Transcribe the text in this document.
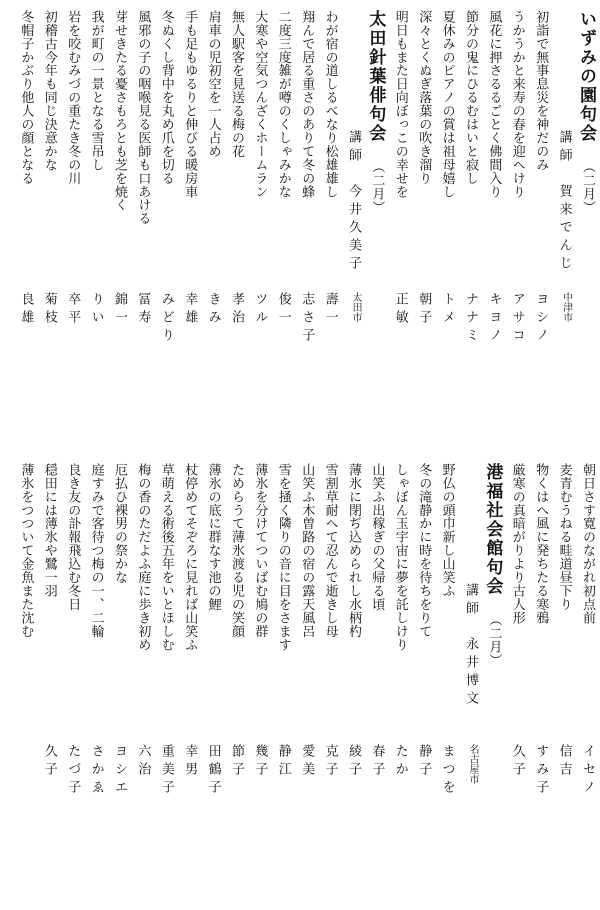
いずみの園句会
（二月）
講師　賀来でんじ
中津市
初詣で無事息災を神だのみ
ヨシノ
うかうかと来寿の春を迎へけり
アサコ
風花に押さるるごとく佛間入り
キヨノ
節分の鬼にひるむはいと寂し
ナナミ
夏休みのピアノの賞は祖母嬉し
トメ
深々とくぬぎ落葉の吹き溜り
朝子
明日もまた日向ぼっこの幸せを
正敏
太田針葉俳句会
（二月）
講師　今井久美子
太田市
わが宿の道しるべなり松雄雄し
壽一
翔んで居る重さのありて冬の蜂
志さ子
二度三度雑が噂のくしゃみかな
俊一
大寒や空気つんざくホームラン
ツル
無人駅客を見送る梅の花
孝治
肩車の児初空を一人占め
きみ
手も足もゆるりと伸びる暖房車
幸雄
冬ぬくし背中を丸め爪を切る
みどり
風邪の子の咽喉見る医師も口あける
冨寿
芽せきたる憂さもろとも芝を焼く
錦一
我が町の一景となる雪吊し
りい
岩を咬むみづの重たき冬の川
卒平
初稽古今年も同じ決意かな
菊枝
冬帽子かぶり他人の顔となる
良雄
朝日さす寛のながれ初点前
イセノ
麦青むうねる畦道昼下り
信吉
物くはへ風に発ちたる寒鴉
すみ子
厳寒の真暗がりより古人形
久子
港福社会館句会
（二月）
講師　永井博文
名古屋市
野仏の頭巾新し山笑ふ
まつを
冬の滝静かに時を待ちをりて
静子
しゃぼん玉宇宙に夢を託しけり
たか
山笑ふ出稼ぎの父帰る頃
春子
薄氷に閉ぢ込められし水柄杓
綾子
雪割草耐へて忍んで逝きし母
克子
山笑ふ木曽路の宿の露天風呂
愛美
雪を掻く隣りの音に目をさます
静江
薄氷を分けてついばむ鳩の群
幾子
ためらうて薄氷渡る児の笑顔
節子
薄氷の底に群なす池の鯉
田鶴子
杖停めてそぞろに見れば山笑ふ
幸男
草萌える術後五年をいとほしむ
重美子
梅の香のただよふ庭に歩き初め
六治
厄払ひ裸男の祭かな
ヨシエ
庭すみで客待つ梅の一、二輪
さかゑ
良き友の訃報飛込む冬日
たづ子
穏田には薄氷や鷺一羽
久子
薄氷をつついて金魚また沈む
